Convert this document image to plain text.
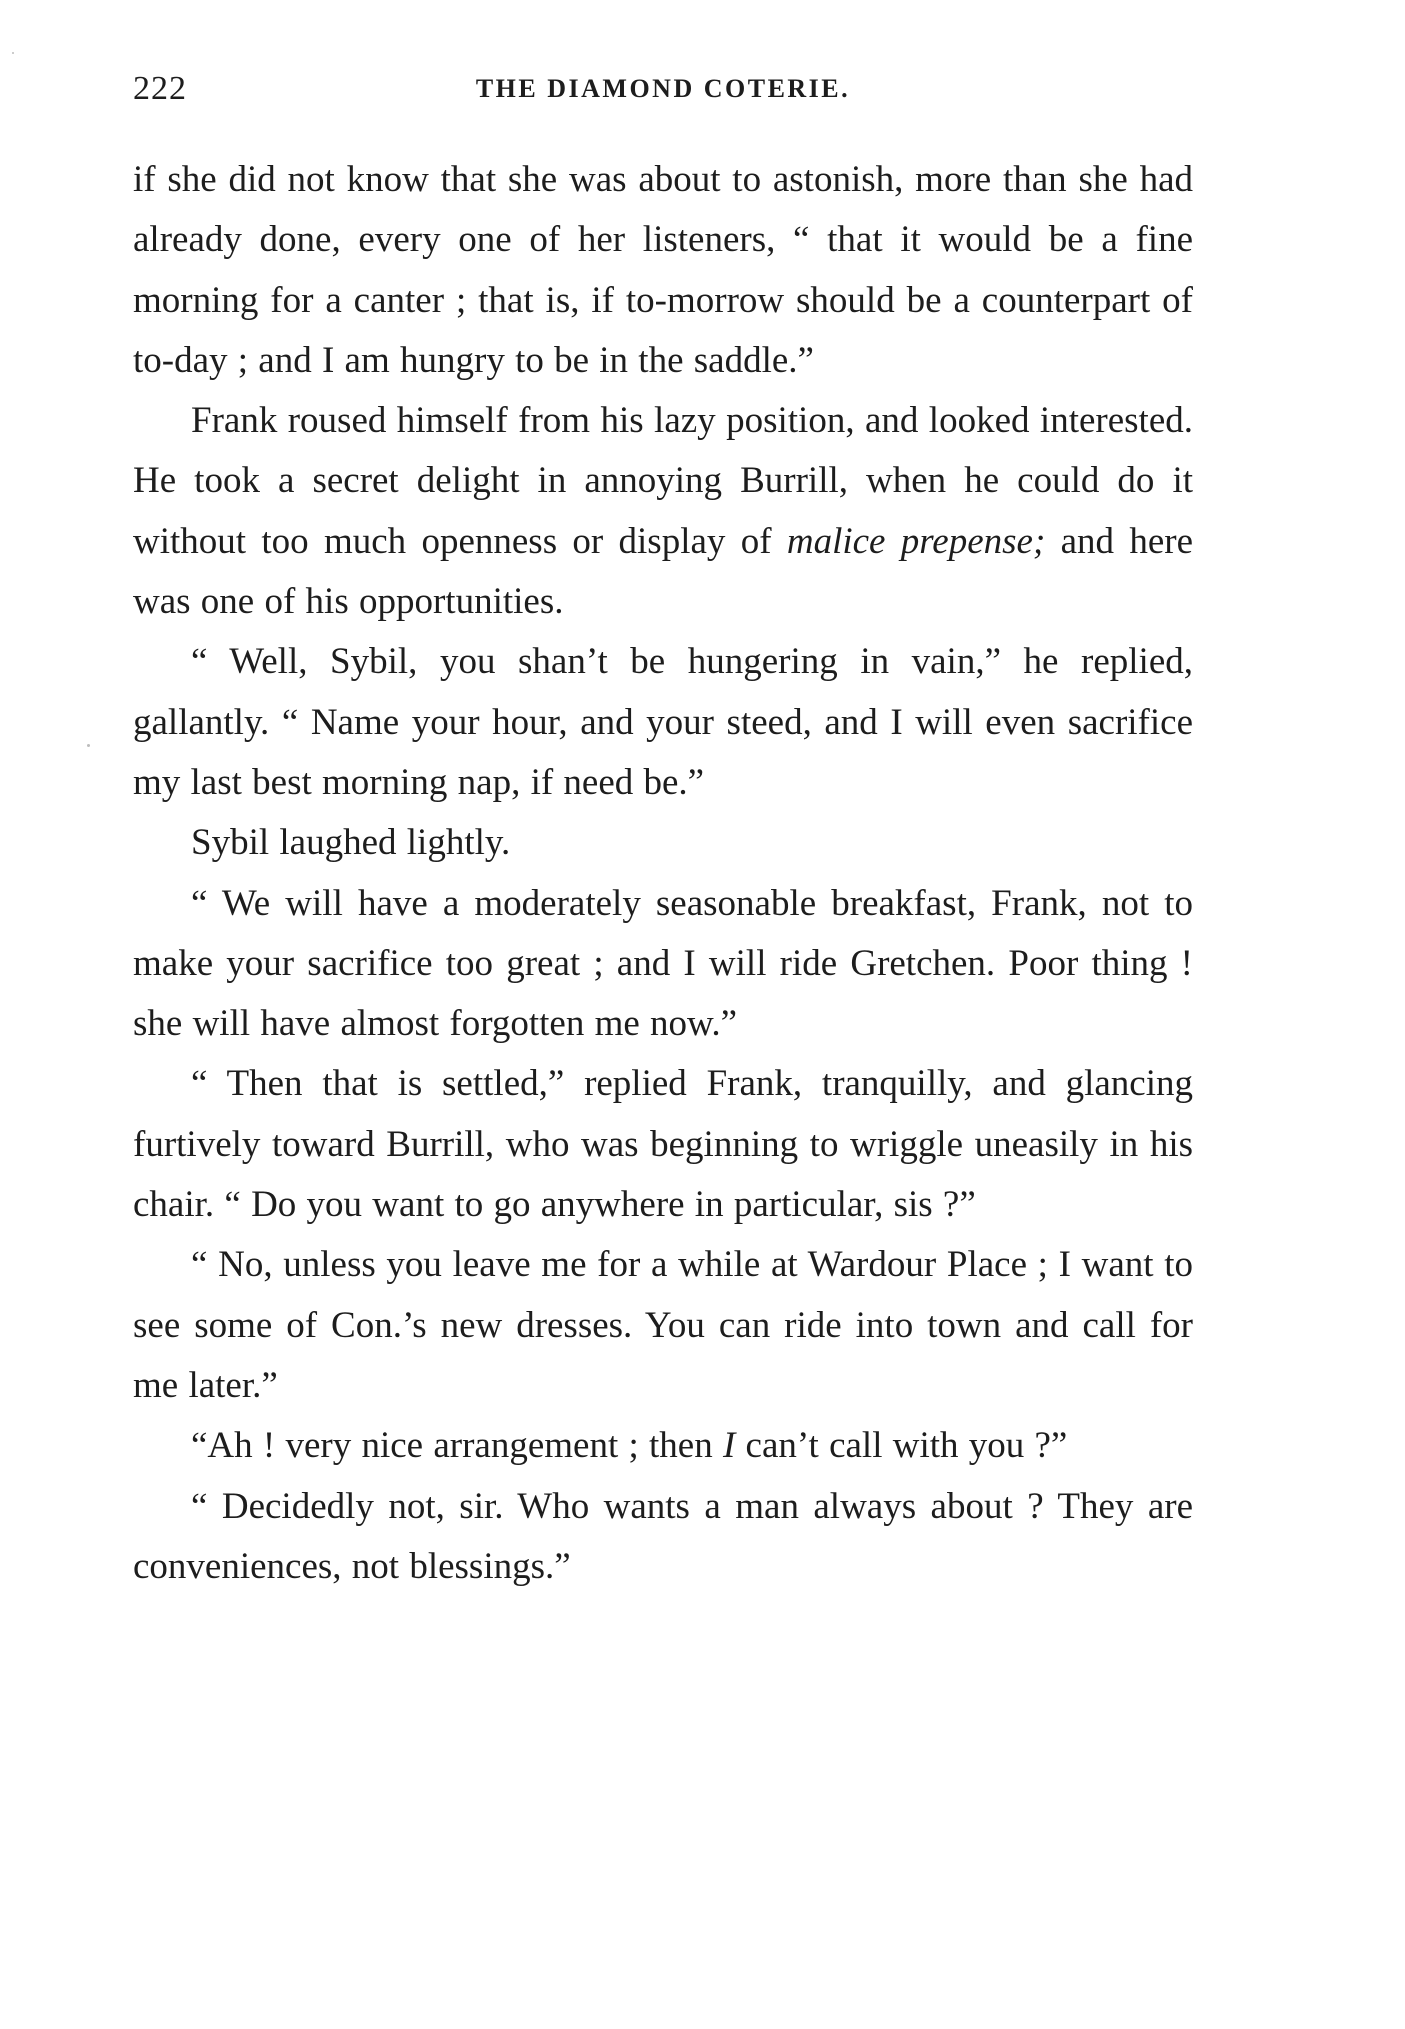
222	THE DIAMOND COTERIE.

if she did not know that she was about to astonish, more than she had already done, every one of her listeners, “ that it would be a fine morning for a canter ; that is, if to-morrow should be a counterpart of to-day ; and I am hungry to be in the saddle.”

Frank roused himself from his lazy position, and looked interested. He took a secret delight in annoying Burrill, when he could do it without too much openness or display of malice prepense; and here was one of his opportunities.

“ Well, Sybil, you shan’t be hungering in vain,” he replied, gallantly. “ Name your hour, and your steed, and I will even sacrifice my last best morning nap, if need be.”

Sybil laughed lightly.

“ We will have a moderately seasonable breakfast, Frank, not to make your sacrifice too great ; and I will ride Gretchen. Poor thing ! she will have almost forgotten me now.”

“ Then that is settled,” replied Frank, tranquilly, and glancing furtively toward Burrill, who was beginning to wriggle uneasily in his chair. “ Do you want to go anywhere in particular, sis ?”

“ No, unless you leave me for a while at Wardour Place ; I want to see some of Con.’s new dresses. You can ride into town and call for me later.”

“Ah ! very nice arrangement ; then I can’t call with you ?”

“ Decidedly not, sir. Who wants a man always about ? They are conveniences, not blessings.”
